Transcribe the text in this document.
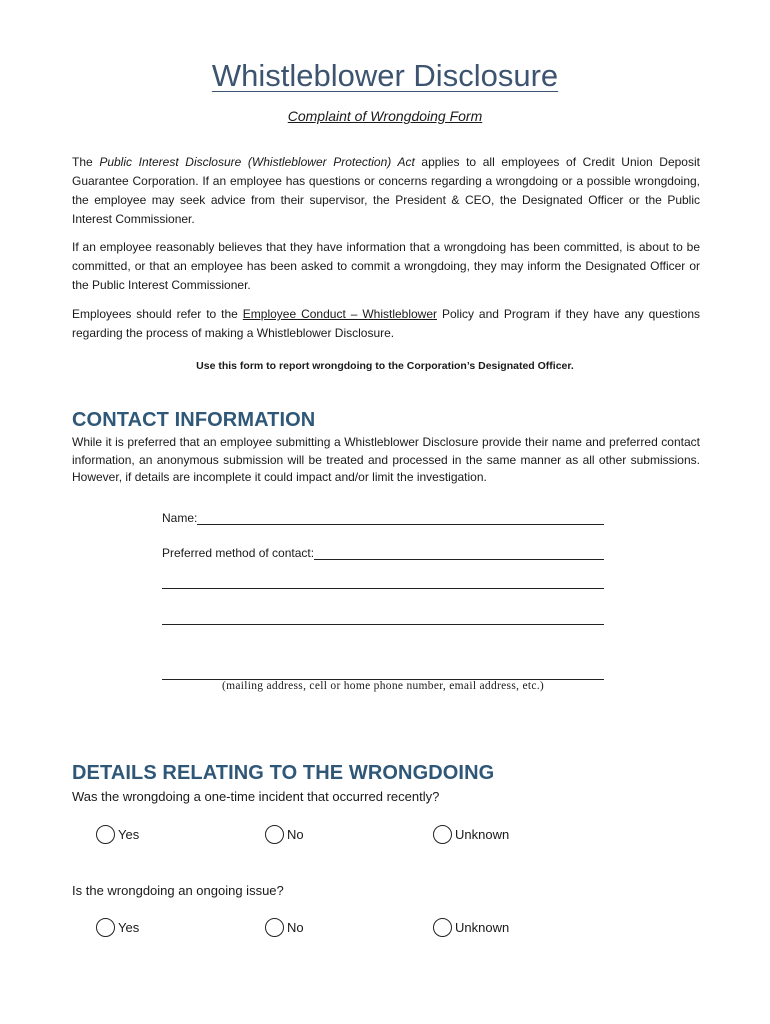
Whistleblower Disclosure
Complaint of Wrongdoing Form

The Public Interest Disclosure (Whistleblower Protection) Act applies to all employees of Credit Union Deposit Guarantee Corporation. If an employee has questions or concerns regarding a wrongdoing or a possible wrongdoing, the employee may seek advice from their supervisor, the President & CEO, the Designated Officer or the Public Interest Commissioner.

If an employee reasonably believes that they have information that a wrongdoing has been committed, is about to be committed, or that an employee has been asked to commit a wrongdoing, they may inform the Designated Officer or the Public Interest Commissioner.

Employees should refer to the Employee Conduct – Whistleblower Policy and Program if they have any questions regarding the process of making a Whistleblower Disclosure.

Use this form to report wrongdoing to the Corporation’s Designated Officer.
CONTACT INFORMATION

While it is preferred that an employee submitting a Whistleblower Disclosure provide their name and preferred contact information, an anonymous submission will be treated and processed in the same manner as all other submissions. However, if details are incomplete it could impact and/or limit the investigation.

Name:
Preferred method of contact:
(mailing address, cell or home phone number, email address, etc.)
DETAILS RELATING TO THE WRONGDOING

Was the wrongdoing a one-time incident that occurred recently?

Yes	No	Unknown

Is the wrongdoing an ongoing issue?

Yes	No	Unknown
